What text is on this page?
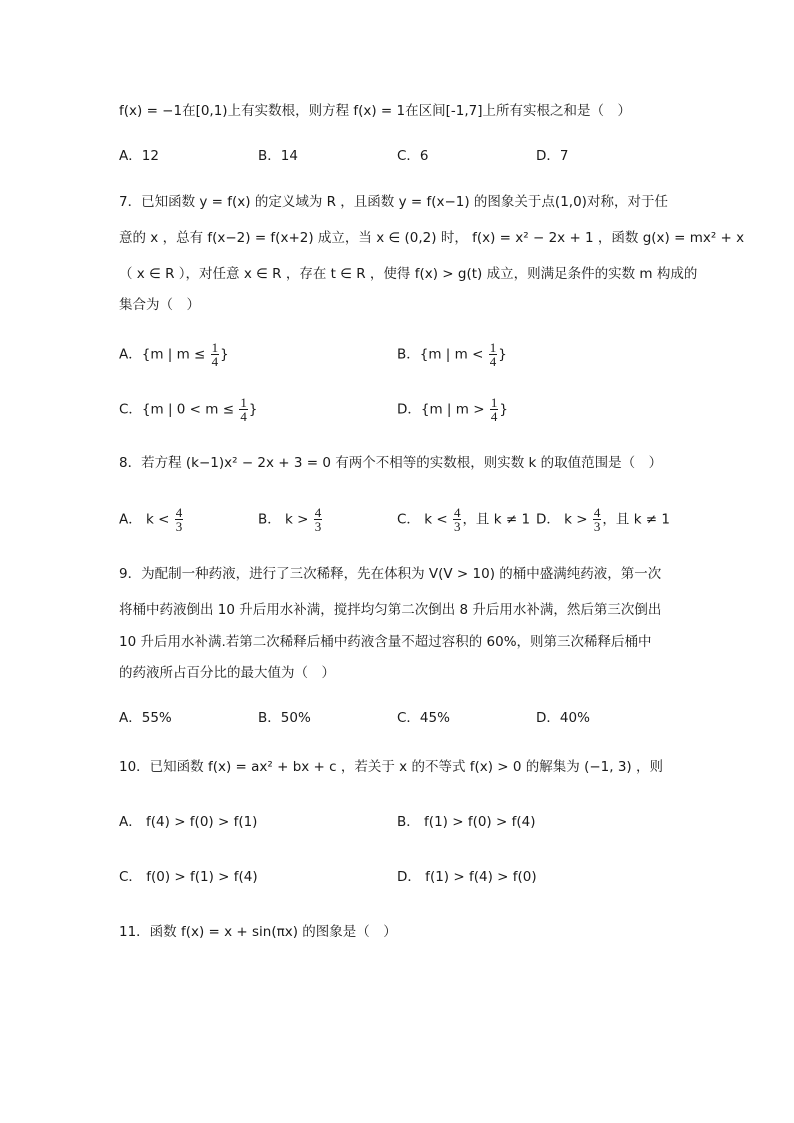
f(x) = −1在[0,1)上有实数根，则方程 f(x) = 1在区间[-1,7]上所有实根之和是（　）
A．12	B．14	C．6	D．7
7．已知函数 y = f(x) 的定义域为 R ，且函数 y = f(x−1) 的图象关于点(1,0)对称，对于任
意的 x ，总有 f(x−2) = f(x+2) 成立，当 x ∈ (0,2) 时， f(x) = x² − 2x + 1 ，函数 g(x) = mx² + x
（ x ∈ R ），对任意 x ∈ R ，存在 t ∈ R ，使得 f(x) > g(t) 成立，则满足条件的实数 m 构成的
集合为（　）
A．{m | $m \le \frac{1}{4}$ }	B．{m | $m < \frac{1}{4}$ }
C．{m | $0 < m \le \frac{1}{4}$ }	D．{m | $m > \frac{1}{4}$ }
8．若方程 (k−1)x² − 2x + 3 = 0 有两个不相等的实数根，则实数 k 的取值范围是（　）
A． $k < \frac{4}{3}$	B． $k > \frac{4}{3}$	C． $k < \frac{4}{3}$ ，且 k ≠ 1 D． $k > \frac{4}{3}$ ，且 k ≠ 1
9．为配制一种药液，进行了三次稀释，先在体积为 V(V > 10) 的桶中盛满纯药液，第一次
将桶中药液倒出 10 升后用水补满，搅拌均匀第二次倒出 8 升后用水补满，然后第三次倒出
10 升后用水补满.若第二次稀释后桶中药液含量不超过容积的 60%，则第三次稀释后桶中
的药液所占百分比的最大值为（　）
A．55%	B．50%	C．45%	D．40%
10．已知函数 f(x) = ax² + bx + c ，若关于 x 的不等式 f(x) > 0 的解集为 (−1, 3) ，则
A． f(4) > f(0) > f(1)	B． f(1) > f(0) > f(4)
C． f(0) > f(1) > f(4)	D． f(1) > f(4) > f(0)
11．函数 f(x) = x + sin(πx) 的图象是（　）
